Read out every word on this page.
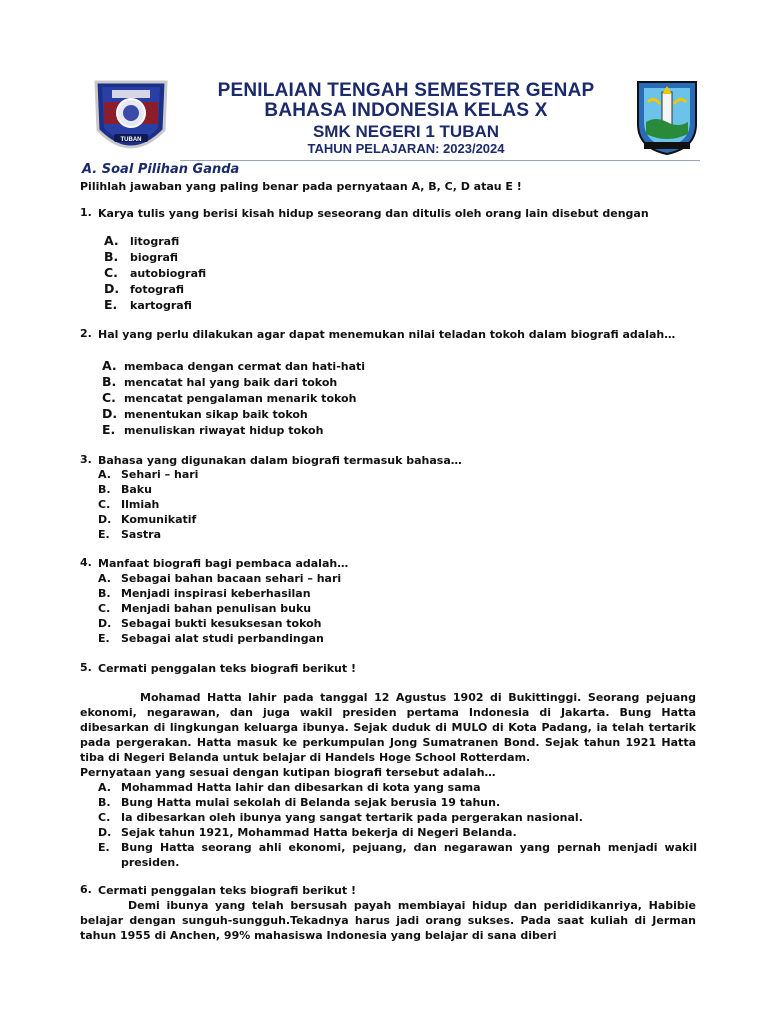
TUBAN
PENILAIAN TENGAH SEMESTER GENAP
BAHASA INDONESIA KELAS X
SMK NEGERI 1 TUBAN
TAHUN PELAJARAN: 2023/2024
A. Soal Pilihan Ganda
Pilihlah jawaban yang paling benar pada pernyataan A, B, C, D atau E !
1. Karya tulis yang berisi kisah hidup seseorang dan ditulis oleh orang lain disebut dengan
A. litografi
B. biografi
C. autobiografi
D. fotografi
E. kartografi
2. Hal yang perlu dilakukan agar dapat menemukan nilai teladan tokoh dalam biografi adalah…
A. membaca dengan cermat dan hati-hati
B. mencatat hal yang baik dari tokoh
C. mencatat pengalaman menarik tokoh
D. menentukan sikap baik tokoh
E. menuliskan riwayat hidup tokoh
3. Bahasa yang digunakan dalam biografi termasuk bahasa…
A. Sehari – hari
B. Baku
C. Ilmiah
D. Komunikatif
E. Sastra
4. Manfaat biografi bagi pembaca adalah…
A. Sebagai bahan bacaan sehari – hari
B. Menjadi inspirasi keberhasilan
C. Menjadi bahan penulisan buku
D. Sebagai bukti kesuksesan tokoh
E. Sebagai alat studi perbandingan
5. Cermati penggalan teks biografi berikut !
Mohamad Hatta lahir pada tanggal 12 Agustus 1902 di Bukittinggi. Seorang pejuang ekonomi, negarawan, dan juga wakil presiden pertama Indonesia di Jakarta. Bung Hatta dibesarkan di lingkungan keluarga ibunya. Sejak duduk di MULO di Kota Padang, ia telah tertarik pada pergerakan. Hatta masuk ke perkumpulan Jong Sumatranen Bond. Sejak tahun 1921 Hatta tiba di Negeri Belanda untuk belajar di Handels Hoge School Rotterdam.
Pernyataan yang sesuai dengan kutipan biografi tersebut adalah…
A. Mohammad Hatta lahir dan dibesarkan di kota yang sama
B. Bung Hatta mulai sekolah di Belanda sejak berusia 19 tahun.
C. Ia dibesarkan oleh ibunya yang sangat tertarik pada pergerakan nasional.
D. Sejak tahun 1921, Mohammad Hatta bekerja di Negeri Belanda.
E. Bung Hatta seorang ahli ekonomi, pejuang, dan negarawan yang pernah menjadi wakil presiden.
6. Cermati penggalan teks biografi berikut !
Demi ibunya yang telah bersusah payah membiayai hidup dan perididikanriya, Habibie belajar dengan sunguh-sungguh.Tekadnya harus jadi orang sukses. Pada saat kuliah di Jerman tahun 1955 di Anchen, 99% mahasiswa Indonesia yang belajar di sana diberi
